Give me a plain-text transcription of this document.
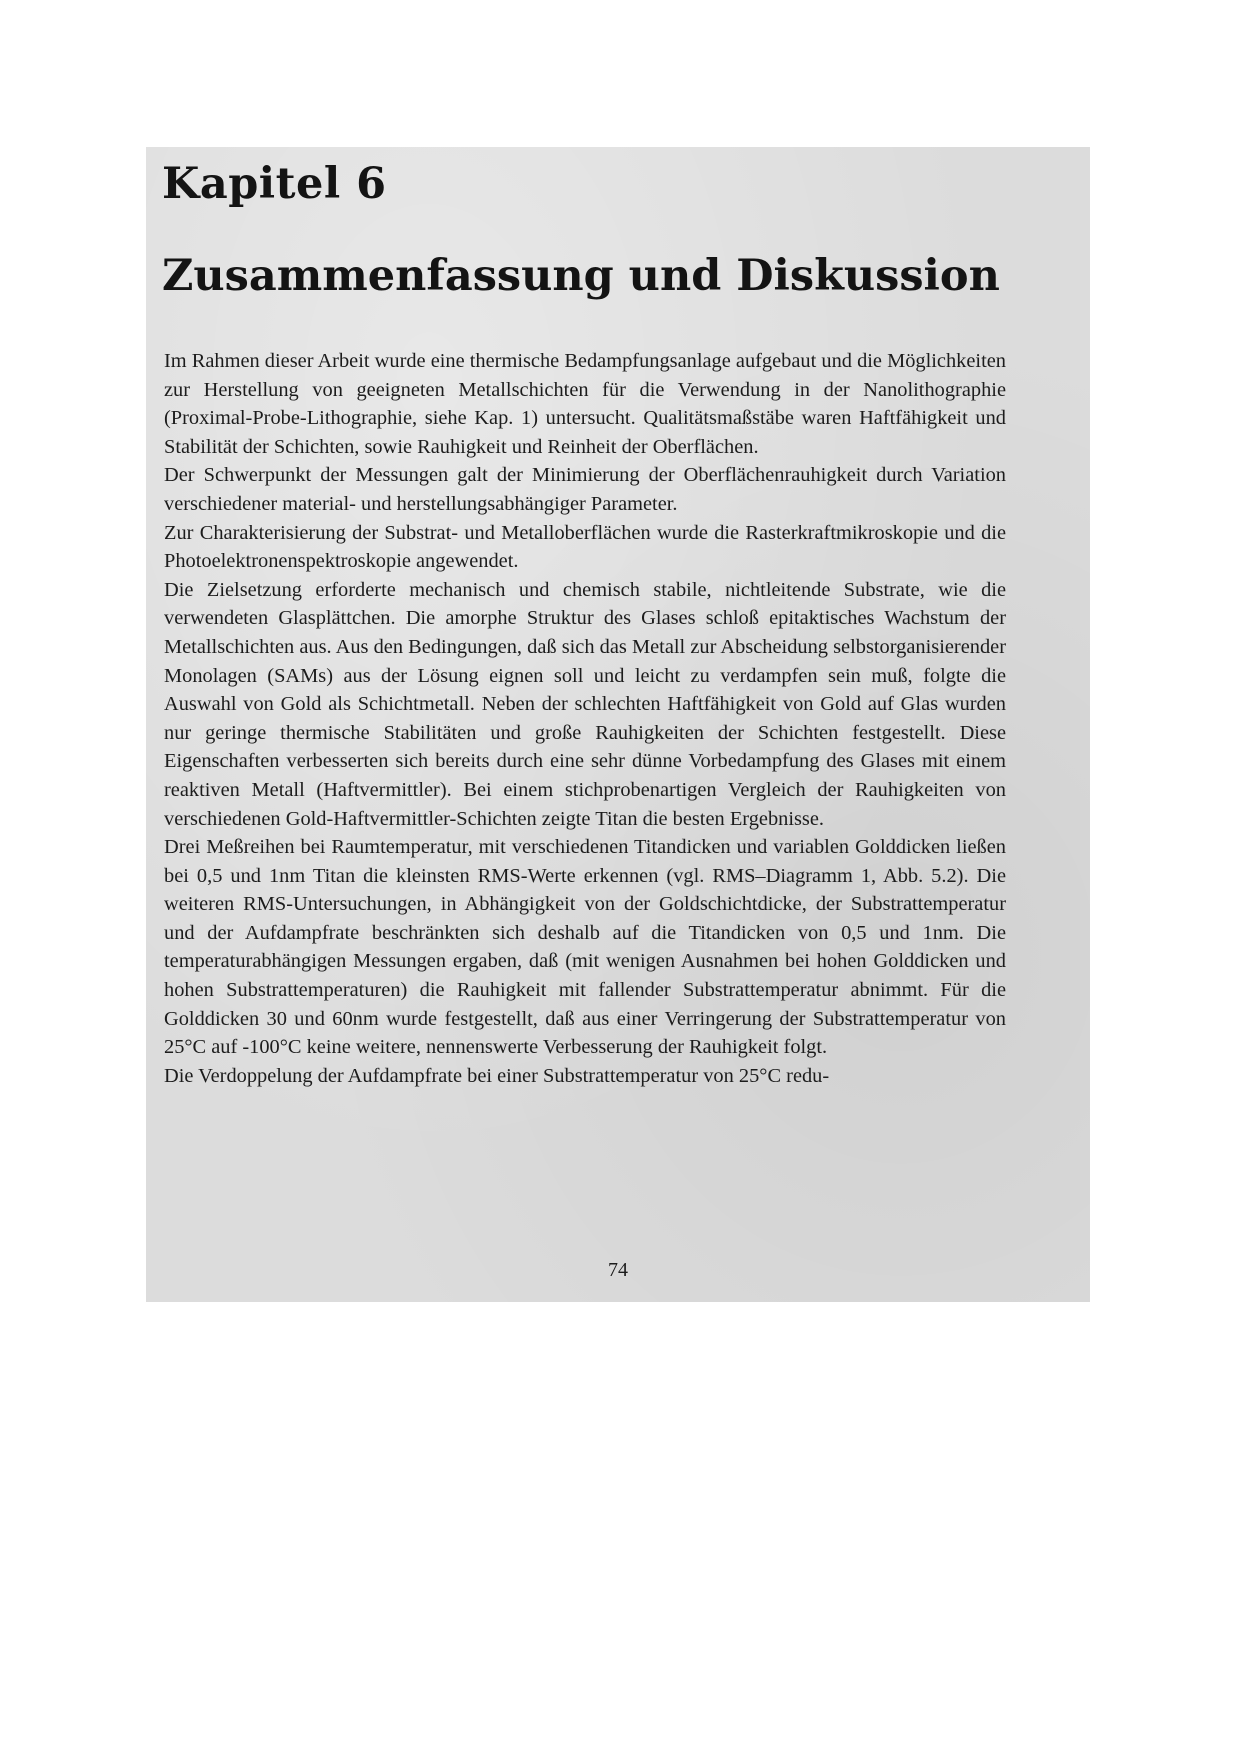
Kapitel 6
Zusammenfassung und Diskussion

Im Rahmen dieser Arbeit wurde eine thermische Bedampfungsanlage aufgebaut und die Möglichkeiten zur Herstellung von geeigneten Metallschichten für die Verwendung in der Nanolithographie (Proximal-Probe-Lithographie, siehe Kap. 1) untersucht. Qualitätsmaßstäbe waren Haftfähigkeit und Stabilität der Schichten, sowie Rauhigkeit und Reinheit der Oberflächen.

Der Schwerpunkt der Messungen galt der Minimierung der Oberflächenrauhigkeit durch Variation verschiedener material- und herstellungsabhängiger Parameter.

Zur Charakterisierung der Substrat- und Metalloberflächen wurde die Rasterkraftmikroskopie und die Photoelektronenspektroskopie angewendet.

Die Zielsetzung erforderte mechanisch und chemisch stabile, nichtleitende Substrate, wie die verwendeten Glasplättchen. Die amorphe Struktur des Glases schloß epitaktisches Wachstum der Metallschichten aus. Aus den Bedingungen, daß sich das Metall zur Abscheidung selbstorganisierender Monolagen (SAMs) aus der Lösung eignen soll und leicht zu verdampfen sein muß, folgte die Auswahl von Gold als Schichtmetall. Neben der schlechten Haftfähigkeit von Gold auf Glas wurden nur geringe thermische Stabilitäten und große Rauhigkeiten der Schichten festgestellt. Diese Eigenschaften verbesserten sich bereits durch eine sehr dünne Vorbedampfung des Glases mit einem reaktiven Metall (Haftvermittler). Bei einem stichprobenartigen Vergleich der Rauhigkeiten von verschiedenen Gold-Haftvermittler-Schichten zeigte Titan die besten Ergebnisse.

Drei Meßreihen bei Raumtemperatur, mit verschiedenen Titandicken und variablen Golddicken ließen bei 0,5 und 1nm Titan die kleinsten RMS-Werte erkennen (vgl. RMS–Diagramm 1, Abb. 5.2). Die weiteren RMS-Untersuchungen, in Abhängigkeit von der Goldschichtdicke, der Substrattemperatur und der Aufdampfrate beschränkten sich deshalb auf die Titandicken von 0,5 und 1nm. Die temperaturabhängigen Messungen ergaben, daß (mit wenigen Ausnahmen bei hohen Golddicken und hohen Substrattemperaturen) die Rauhigkeit mit fallender Substrattemperatur abnimmt. Für die Golddicken 30 und 60nm wurde festgestellt, daß aus einer Verringerung der Substrattemperatur von 25°C auf -100°C keine weitere, nennenswerte Verbesserung der Rauhigkeit folgt.

Die Verdoppelung der Aufdampfrate bei einer Substrattemperatur von 25°C redu-

74
